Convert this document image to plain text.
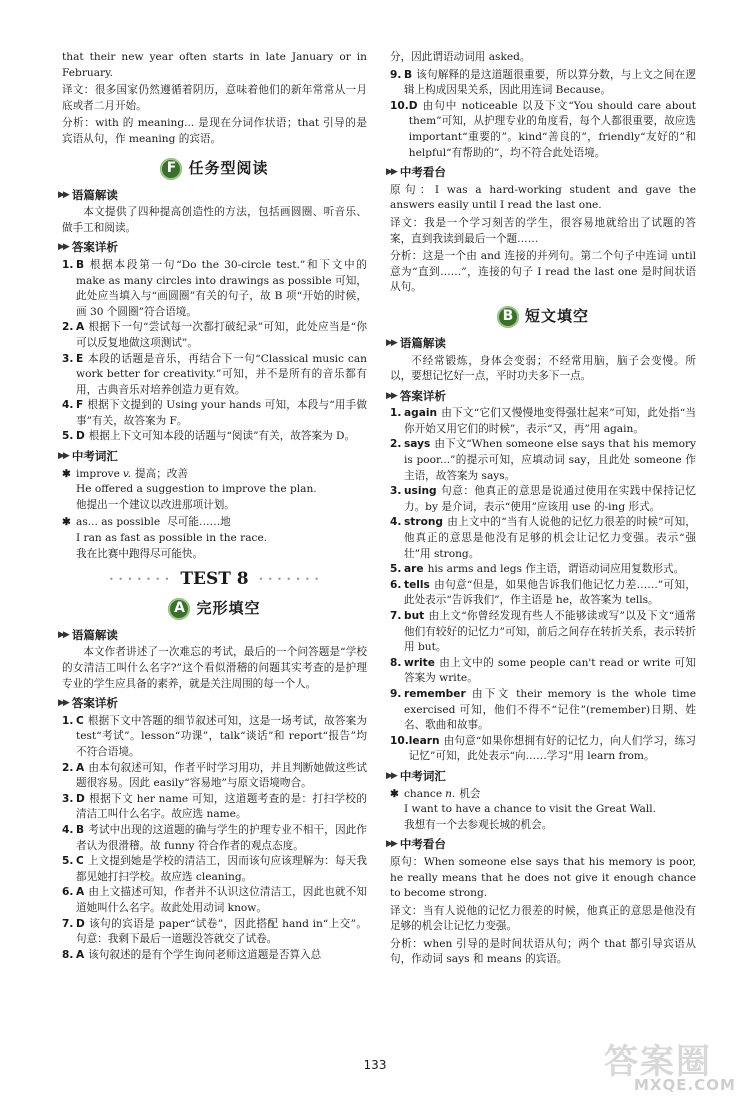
that their new year often starts in late January or in February.

译文：很多国家仍然遵循着阴历，意味着他们的新年常常从一月底或者二月开始。

分析：with 的 meaning... 是现在分词作状语；that 引导的是宾语从句，作 meaning 的宾语。

F 任务型阅读
▶▶ 语篇解读

本文提供了四种提高创造性的方法，包括画圆圈、听音乐、做手工和阅读。

▶▶ 答案详析
1. B 根据本段第一句“Do the 30-circle test.”和下文中的 make as many circles into drawings as possible 可知，此处应当填入与“画圆圈”有关的句子，故 B 项“开始的时候，画 30 个圆圈”符合语境。
2. A 根据下一句“尝试每一次都打破纪录”可知，此处应当是“你可以反复地做这项测试”。
3. E 本段的话题是音乐，再结合下一句“Classical music can work better for creativity.”可知，并不是所有的音乐都有用，古典音乐对培养创造力更有效。
4. F 根据下文提到的 Using your hands 可知，本段与“用手做事”有关，故答案为 F。
5. D 根据上下文可知本段的话题与“阅读”有关，故答案为 D。
▶▶ 中考词汇
✱ improve v. 提高；改善
He offered a suggestion to improve the plan.
他提出一个建议以改进那项计划。
✱ as... as possible 尽可能……地
I ran as fast as possible in the race.
我在比赛中跑得尽可能快。
• • • • • • • TEST 8 • • • • • • •
A 完形填空
▶▶ 语篇解读

本文作者讲述了一次难忘的考试，最后的一个问答题是“学校的女清洁工叫什么名字?”这个看似滑稽的问题其实考查的是护理专业的学生应具备的素养，就是关注周围的每一个人。

▶▶ 答案详析
1. C 根据下文中答题的细节叙述可知，这是一场考试，故答案为 test“考试”。lesson“功课”，talk“谈话”和 report“报告”均不符合语境。
2. A 由本句叙述可知，作者平时学习用功，并且判断她做这些试题很容易。因此 easily“容易地”与原文语境吻合。
3. D 根据下文 her name 可知，这道题考查的是：打扫学校的清洁工叫什么名字。故应选 name。
4. B 考试中出现的这道题的确与学生的护理专业不相干，因此作者认为很滑稽。故 funny 符合作者的观点态度。
5. C 上文提到她是学校的清洁工，因而该句应该理解为：每天我都见她打扫学校。故应选 cleaning。
6. A 由上文描述可知，作者并不认识这位清洁工，因此也就不知道她叫什么名字。故此处用动词 know。
7. D 该句的宾语是 paper“试卷”，因此搭配 hand in“上交”。句意：我剩下最后一道题没答就交了试卷。
8. A 该句叙述的是有个学生询问老师这道题是否算入总

分，因此谓语动词用 asked。

9. B 该句解释的是这道题很重要，所以算分数，与上文之间在逻辑上构成因果关系，因此用连词 Because。
10. D 由句中 noticeable 以及下文“You should care about them”可知，从护理专业的角度看，每个人都很重要，故应选 important“重要的”。kind“善良的”，friendly“友好的”和 helpful“有帮助的”，均不符合此处语境。
▶▶ 中考看台

原句：I was a hard-working student and gave the answers easily until I read the last one.

译文：我是一个学习刻苦的学生，很容易地就给出了试题的答案，直到我读到最后一个题……

分析：这是一个由 and 连接的并列句。第二个句子中连词 until 意为“直到……”，连接的句子 I read the last one 是时间状语从句。

B 短文填空
▶▶ 语篇解读

不经常锻炼，身体会变弱；不经常用脑，脑子会变慢。所以，要想记忆好一点，平时功夫多下一点。

▶▶ 答案详析
1. again 由下文“它们又慢慢地变得强壮起来”可知，此处指“当你开始又用它们的时候”，表示“又，再”用 again。
2. says 由下文“When someone else says that his memory is poor...”的提示可知，应填动词 say，且此处 someone 作主语，故答案为 says。
3. using 句意：他真正的意思是说通过使用在实践中保持记忆力。by 是介词，表示“使用”应该用 use 的-ing 形式。
4. strong 由上文中的“当有人说他的记忆力很差的时候”可知，他真正的意思是他没有足够的机会让记忆力变强。表示“强壮”用 strong。
5. are his arms and legs 作主语，谓语动词应用复数形式。
6. tells 由句意“但是，如果他告诉我们他记忆力差……”可知，此处表示“告诉我们”，作主语是 he，故答案为 tells。
7. but 由上文“你曾经发现有些人不能够读或写”以及下文“通常他们有较好的记忆力”可知，前后之间存在转折关系，表示转折用 but。
8. write 由上文中的 some people can't read or write 可知答案为 write。
9. remember 由下文 their memory is the whole time exercised 可知，他们不得不“记住”(remember)日期、姓名、歌曲和故事。
10. learn 由句意“如果你想拥有好的记忆力，向人们学习，练习记忆”可知，此处表示“向……学习”用 learn from。
▶▶ 中考词汇
✱ chance n. 机会
I want to have a chance to visit the Great Wall.
我想有一个去参观长城的机会。
▶▶ 中考看台

原句：When someone else says that his memory is poor, he really means that he does not give it enough chance to become strong.

译文：当有人说他的记忆力很差的时候，他真正的意思是他没有足够的机会让记忆力变强。

分析：when 引导的是时间状语从句；两个 that 都引导宾语从句，作动词 says 和 means 的宾语。

133	答案圈
MXQE.COM
